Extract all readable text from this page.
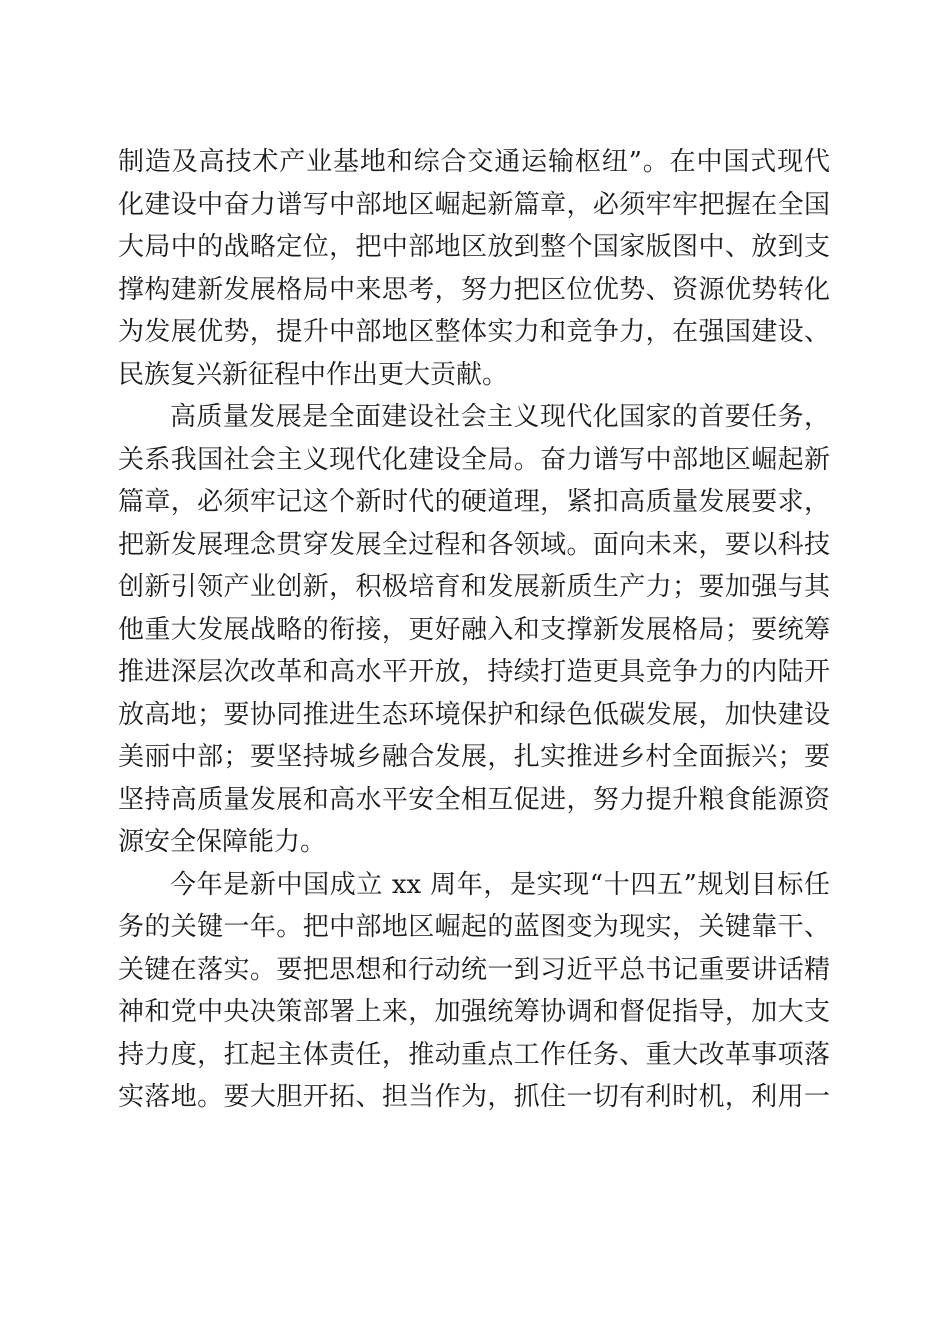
制造及高技术产业基地和综合交通运输枢纽”。在中国式现代
化建设中奋力谱写中部地区崛起新篇章，必须牢牢把握在全国
大局中的战略定位，把中部地区放到整个国家版图中、放到支
撑构建新发展格局中来思考，努力把区位优势、资源优势转化
为发展优势，提升中部地区整体实力和竞争力，在强国建设、
民族复兴新征程中作出更大贡献。
高质量发展是全面建设社会主义现代化国家的首要任务，
关系我国社会主义现代化建设全局。奋力谱写中部地区崛起新
篇章，必须牢记这个新时代的硬道理，紧扣高质量发展要求，
把新发展理念贯穿发展全过程和各领域。面向未来，要以科技
创新引领产业创新，积极培育和发展新质生产力；要加强与其
他重大发展战略的衔接，更好融入和支撑新发展格局；要统筹
推进深层次改革和高水平开放，持续打造更具竞争力的内陆开
放高地；要协同推进生态环境保护和绿色低碳发展，加快建设
美丽中部；要坚持城乡融合发展，扎实推进乡村全面振兴；要
坚持高质量发展和高水平安全相互促进，努力提升粮食能源资
源安全保障能力。
今年是新中国成立 xx 周年，是实现“十四五”规划目标任
务的关键一年。把中部地区崛起的蓝图变为现实，关键靠干、
关键在落实。要把思想和行动统一到习近平总书记重要讲话精
神和党中央决策部署上来，加强统筹协调和督促指导，加大支
持力度，扛起主体责任，推动重点工作任务、重大改革事项落
实落地。要大胆开拓、担当作为，抓住一切有利时机，利用一
